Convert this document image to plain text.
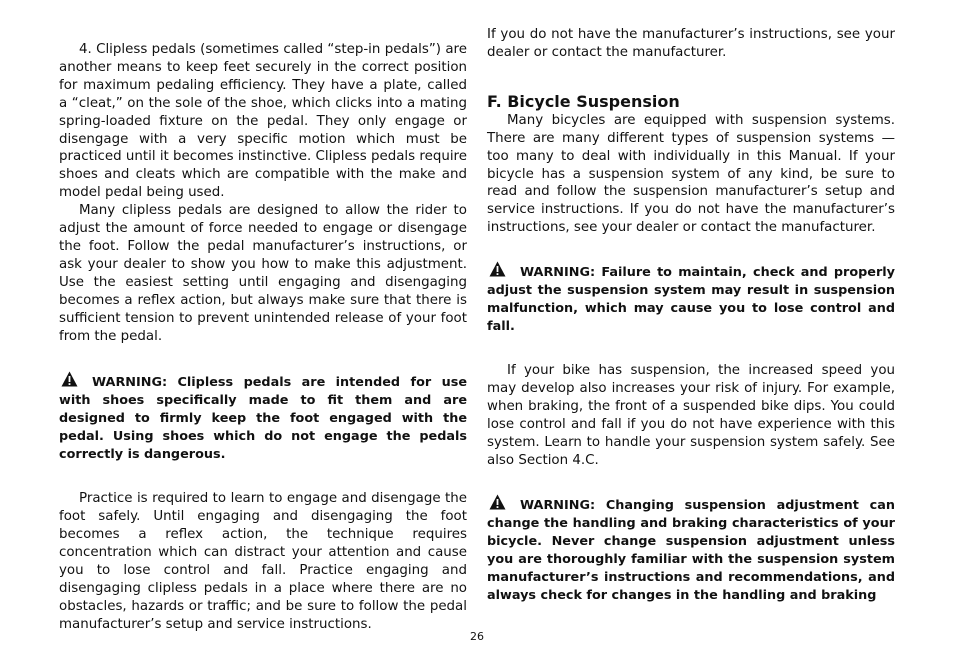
4. Clipless pedals (sometimes called “step-in pedals”) are another means to keep feet securely in the correct position for maximum pedaling efficiency. They have a plate, called a “cleat,” on the sole of the shoe, which clicks into a mating spring-loaded fixture on the pedal. They only engage or disengage with a very specific motion which must be practiced until it becomes instinctive. Clipless pedals require shoes and cleats which are compatible with the make and model pedal being used.

Many clipless pedals are designed to allow the rider to adjust the amount of force needed to engage or disengage the foot. Follow the pedal manufacturer’s instructions, or ask your dealer to show you how to make this adjustment. Use the easiest setting until engaging and disengaging becomes a reflex action, but always make sure that there is sufficient tension to prevent unintended release of your foot from the pedal.

WARNING: Clipless pedals are intended for use with shoes specifically made to fit them and are designed to firmly keep the foot engaged with the pedal. Using shoes which do not engage the pedals correctly is dangerous.

Practice is required to learn to engage and disengage the foot safely. Until engaging and disengaging the foot becomes a reflex action, the technique requires concentration which can distract your attention and cause you to lose control and fall. Practice engaging and disengaging clipless pedals in a place where there are no obstacles, hazards or traffic; and be sure to follow the pedal manufacturer’s setup and service instructions.

If you do not have the manufacturer’s instructions, see your dealer or contact the manufacturer.

F. Bicycle Suspension

Many bicycles are equipped with suspension systems. There are many different types of suspension systems — too many to deal with individually in this Manual. If your bicycle has a suspension system of any kind, be sure to read and follow the suspension manufacturer’s setup and service instructions. If you do not have the manufacturer’s instructions, see your dealer or contact the manufacturer.

WARNING: Failure to maintain, check and properly adjust the suspension system may result in suspension malfunction, which may cause you to lose control and fall.

If your bike has suspension, the increased speed you may develop also increases your risk of injury. For example, when braking, the front of a suspended bike dips. You could lose control and fall if you do not have experience with this system. Learn to handle your suspension system safely. See also Section 4.C.

WARNING: Changing suspension adjustment can change the handling and braking characteristics of your bicycle. Never change suspension adjustment unless you are thoroughly familiar with the suspension system manufacturer’s instructions and recommendations, and always check for changes in the handling and braking

26
